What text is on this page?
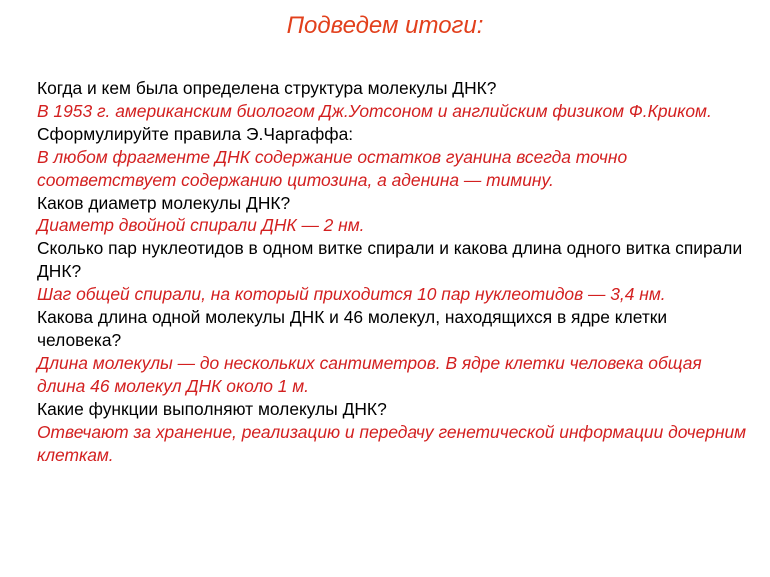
Подведем итоги:

Когда и кем была определена структура молекулы ДНК?

В 1953 г. американским биологом Дж.Уотсоном и английским физиком Ф.Криком.

Сформулируйте правила Э.Чаргаффа:

В любом фрагменте ДНК содержание остатков гуанина всегда точно соответствует содержанию цитозина, а аденина — тимину.

Каков диаметр молекулы ДНК?

Диаметр двойной спирали ДНК — 2 нм.

Сколько пар нуклеотидов в одном витке спирали и какова длина одного витка спирали ДНК?

Шаг общей спирали, на который приходится 10 пар нуклеотидов — 3,4 нм.

Какова длина одной молекулы ДНК и 46 молекул, находящихся в ядре клетки человека?

Длина молекулы — до нескольких сантиметров. В ядре клетки человека общая длина 46 молекул ДНК около 1 м.

Какие функции выполняют молекулы ДНК?

Отвечают за хранение, реализацию и передачу генетической информации дочерним клеткам.
